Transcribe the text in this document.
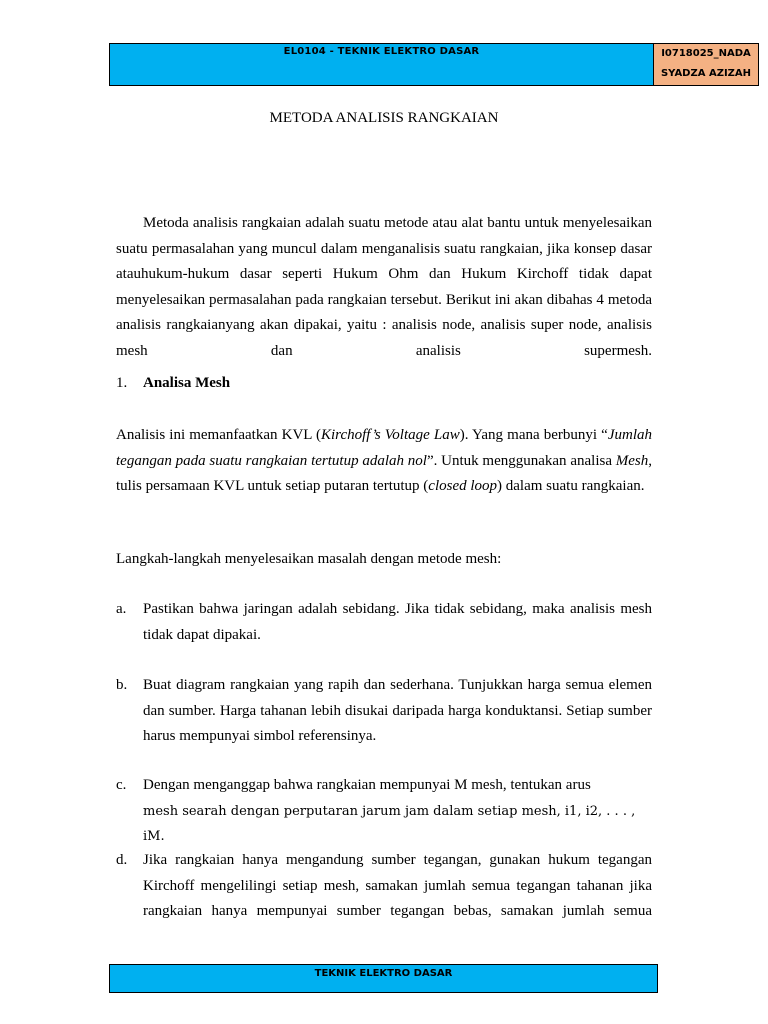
EL0104 - TEKNIK ELEKTRO DASAR	I0718025_NADA
SYADZA AZIZAH
METODA ANALISIS RANGKAIAN

Metoda analisis rangkaian adalah suatu metode atau alat bantu untuk menyelesaikan suatu permasalahan yang muncul dalam menganalisis suatu rangkaian, jika konsep dasar atauhukum-hukum dasar seperti Hukum Ohm dan Hukum Kirchoff tidak dapat menyelesaikan permasalahan pada rangkaian tersebut. Berikut ini akan dibahas 4 metoda analisis rangkaianyang akan dipakai, yaitu : analisis node, analisis super node, analisis mesh dan analisis supermesh.

1. Analisa Mesh

Analisis ini memanfaatkan KVL (Kirchoff’s Voltage Law). Yang mana berbunyi “Jumlah tegangan pada suatu rangkaian tertutup adalah nol”. Untuk menggunakan analisa Mesh, tulis persamaan KVL untuk setiap putaran tertutup (closed loop) dalam suatu rangkaian.

Langkah-langkah menyelesaikan masalah dengan metode mesh:

a. Pastikan bahwa jaringan adalah sebidang. Jika tidak sebidang, maka analisis mesh tidak dapat dipakai.
b. Buat diagram rangkaian yang rapih dan sederhana. Tunjukkan harga semua elemen dan sumber. Harga tahanan lebih disukai daripada harga konduktansi. Setiap sumber harus mempunyai simbol referensinya.
c. Dengan menganggap bahwa rangkaian mempunyai M mesh, tentukan arus
mesh searah dengan perputaran jarum jam dalam setiap mesh, i1, i2, . . . , iM.
d. Jika rangkaian hanya mengandung sumber tegangan, gunakan hukum tegangan Kirchoff mengelilingi setiap mesh, samakan jumlah semua tegangan tahanan jika rangkaian hanya mempunyai sumber tegangan bebas, samakan jumlah semua
TEKNIK ELEKTRO DASAR
